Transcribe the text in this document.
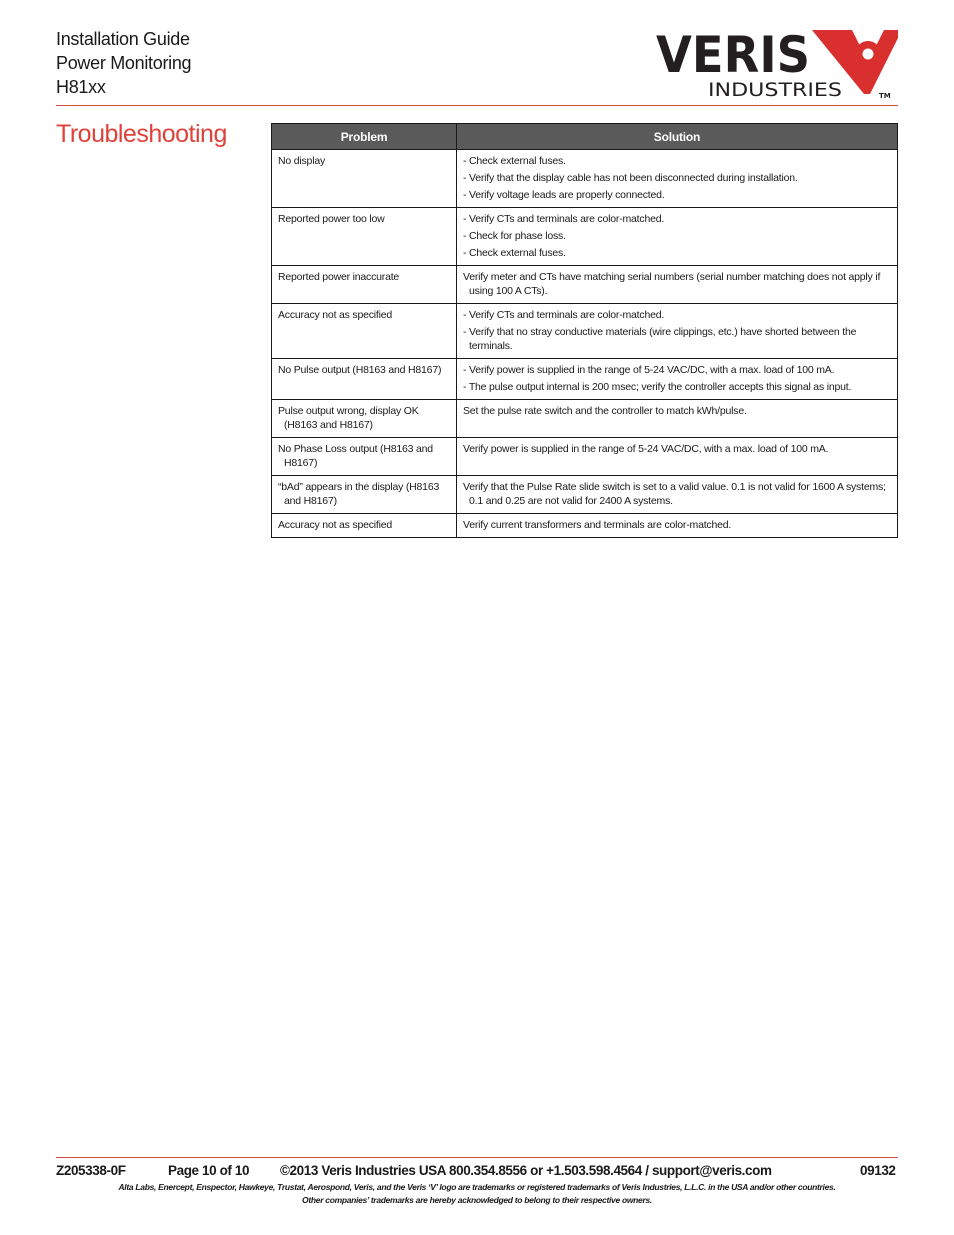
Installation Guide
Power Monitoring
H81xx
VERIS
INDUSTRIES	TM
Troubleshooting	Problem	Solution

No display	- Check external fuses.
- Verify that the display cable has not been disconnected during installation.
- Verify voltage leads are properly connected.

Reported power too low	- Verify CTs and terminals are color-matched.
- Check for phase loss.
- Check external fuses.

Reported power inaccurate	Verify meter and CTs have matching serial numbers (serial number matching does not apply if using 100 A CTs).

Accuracy not as specified	- Verify CTs and terminals are color-matched.
- Verify that no stray conductive materials (wire clippings, etc.) have shorted between the terminals.

No Pulse output (H8163 and H8167)	- Verify power is supplied in the range of 5-24 VAC/DC, with a max. load of 100 mA.
- The pulse output internal is 200 msec; verify the controller accepts this signal as input.

Pulse output wrong, display OK (H8163 and H8167)	Set the pulse rate switch and the controller to match kWh/pulse.

No Phase Loss output (H8163 and H8167)	Verify power is supplied in the range of 5-24 VAC/DC, with a max. load of 100 mA.

“bAd” appears in the display (H8163 and H8167)	Verify that the Pulse Rate slide switch is set to a valid value. 0.1 is not valid for 1600 A systems; 0.1 and 0.25 are not valid for 2400 A systems.

Accuracy not as specified	Verify current transformers and terminals are color-matched.
Z205338-0F	Page 10 of 10 ©2013 Veris Industries USA 800.354.8556 or +1.503.598.4564 / support@veris.com	09132
Alta Labs, Enercept, Enspector, Hawkeye, Trustat, Aerospond, Veris, and the Veris ‘V’ logo are trademarks or registered trademarks of Veris Industries, L.L.C. in the USA and/or other countries.
Other companies’ trademarks are hereby acknowledged to belong to their respective owners.
